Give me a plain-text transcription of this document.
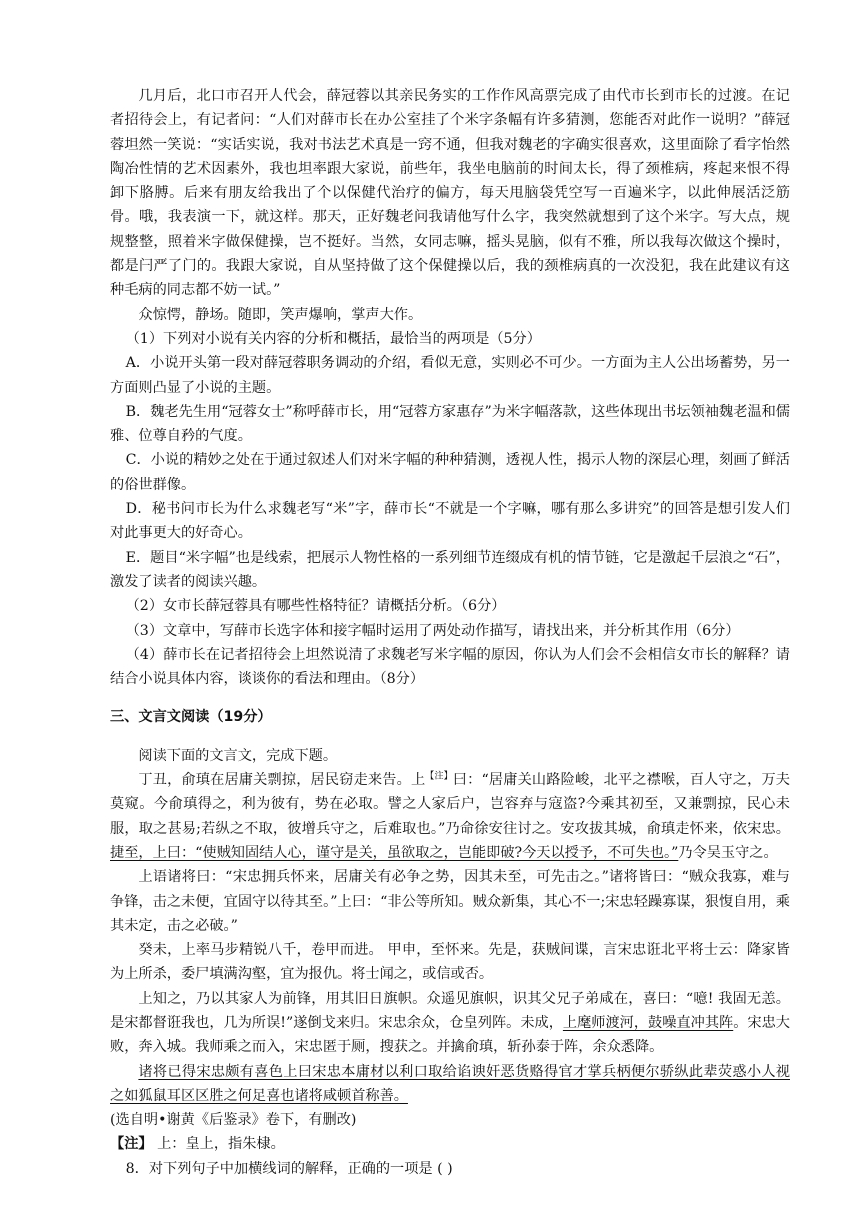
几月后，北口市召开人代会，薛冠蓉以其亲民务实的工作作风高票完成了由代市长到市长的过渡。在记者招待会上，有记者问：“人们对薛市长在办公室挂了个米字条幅有许多猜测，您能否对此作一说明？”薛冠蓉坦然一笑说：“实话实说，我对书法艺术真是一窍不通，但我对魏老的字确实很喜欢，这里面除了看字怡然陶冶性情的艺术因素外，我也坦率跟大家说，前些年，我坐电脑前的时间太长，得了颈椎病，疼起来恨不得卸下胳膊。后来有朋友给我出了个以保健代治疗的偏方，每天甩脑袋凭空写一百遍米字，以此伸展活泛筋骨。哦，我表演一下，就这样。那天，正好魏老问我请他写什么字，我突然就想到了这个米字。写大点，规规整整，照着米字做保健操，岂不挺好。当然，女同志嘛，摇头晃脑，似有不雅，所以我每次做这个操时，都是闩严了门的。我跟大家说，自从坚持做了这个保健操以后，我的颈椎病真的一次没犯，我在此建议有这种毛病的同志都不妨一试。”

众惊愕，静场。随即，笑声爆响，掌声大作。

（1）下列对小说有关内容的分析和概括，最恰当的两项是（5分）

A．小说开头第一段对薛冠蓉职务调动的介绍，看似无意，实则必不可少。一方面为主人公出场蓄势，另一方面则凸显了小说的主题。

B．魏老先生用“冠蓉女士”称呼薛市长，用“冠蓉方家惠存”为米字幅落款，这些体现出书坛领袖魏老温和儒雅、位尊自矜的气度。

C．小说的精妙之处在于通过叙述人们对米字幅的种种猜测，透视人性，揭示人物的深层心理，刻画了鲜活的俗世群像。

D．秘书问市长为什么求魏老写“米”字，薛市长“不就是一个字嘛，哪有那么多讲究”的回答是想引发人们对此事更大的好奇心。

E．题目“米字幅”也是线索，把展示人物性格的一系列细节连缀成有机的情节链，它是激起千层浪之“石”，激发了读者的阅读兴趣。

（2）女市长薛冠蓉具有哪些性格特征？请概括分析。（6分）

（3）文章中，写薛市长选字体和接字幅时运用了两处动作描写，请找出来，并分析其作用（6分）

（4）薛市长在记者招待会上坦然说清了求魏老写米字幅的原因，你认为人们会不会相信女市长的解释？请结合小说具体内容，谈谈你的看法和理由。（8分）

三、文言文阅读（19分）

阅读下面的文言文，完成下题。

丁丑，俞瑱在居庸关剽掠，居民窃走来告。上$^{【注】}$曰：“居庸关山路险峻，北平之襟喉，百人守之，万夫莫窥。今俞瑱得之，利为彼有，势在必取。譬之人家后户，岂容弃与寇盗?今乘其初至，又兼剽掠，民心未服，取之甚易;若纵之不取，彼增兵守之，后难取也。”乃命徐安往讨之。安攻拔其城，俞瑱走怀来，依宋忠。捷至，上曰：“使贼知固结人心，谨守是关，虽欲取之，岂能即破?今天以授予，不可失也。”乃令吴玉守之。

上语诸将曰：“宋忠拥兵怀来，居庸关有必争之势，因其未至，可先击之。”诸将皆曰：“贼众我寡，难与争锋，击之未便，宜固守以待其至。”上曰：“非公等所知。贼众新集，其心不一;宋忠轻躁寡谋，狠愎自用，乘其未定，击之必破。”

癸未，上率马步精锐八千，卷甲而进。 甲申，至怀来。先是，获贼间谍，言宋忠诳北平将士云：降家皆为上所杀，委尸填满沟壑，宜为报仇。将士闻之，或信或否。

上知之，乃以其家人为前锋，用其旧日旗帜。众遥见旗帜，识其父兄子弟咸在，喜曰：“噫! 我固无恙。是宋都督诳我也，几为所误!”遂倒戈来归。宋忠余众，仓皇列阵。未成，上麾师渡河，鼓噪直冲其阵。宋忠大败，奔入城。我师乘之而入，宋忠匿于厕，搜获之。并擒俞瑱，斩孙泰于阵，余众悉降。

诸将已得宋忠颇有喜色上曰宋忠本庸材以利口取给谄谀奸恶货赂得官才掌兵柄便尔骄纵此辈荧惑小人视之如狐鼠耳区区胜之何足喜也诸将咸顿首称善。

(选自明•谢黄《后鉴录》卷下，有删改)

【注】 上：皇上，指朱棣。

8．对下列句子中加横线词的解释，正确的一项是 ( )
